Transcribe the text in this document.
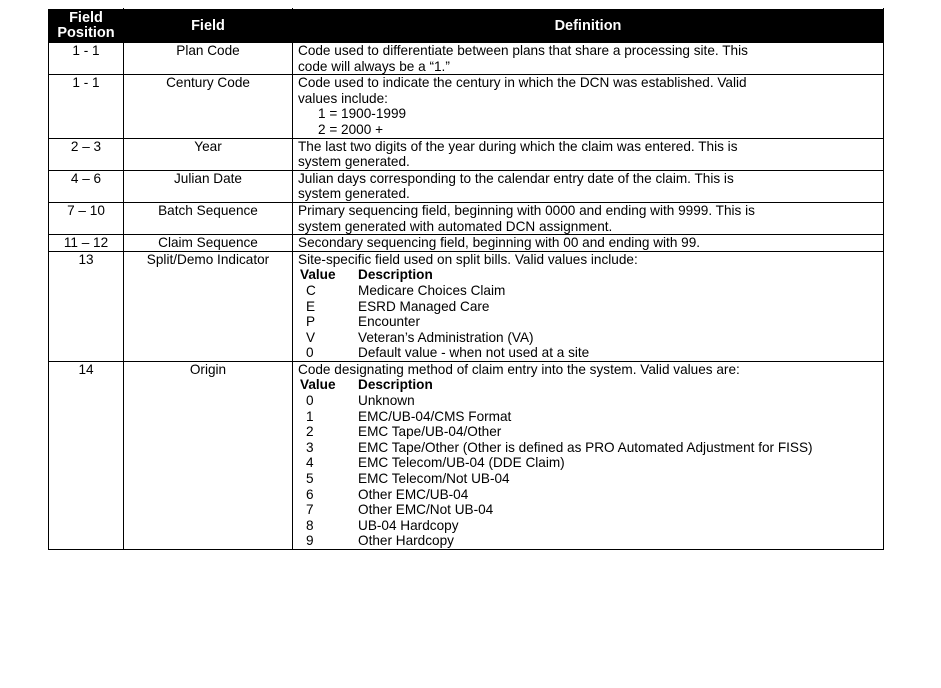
Field Position	Field	Definition
1 - 1	Plan Code	Code used to differentiate between plans that share a processing site. This
code will always be a “1.”

1 - 1	Century Code	Code used to indicate the century in which the DCN was established. Valid
values include:
1 = 1900-1999
2 = 2000 +

2 – 3	Year	The last two digits of the year during which the claim was entered. This is
system generated.

4 – 6	Julian Date	Julian days corresponding to the calendar entry date of the claim. This is
system generated.

7 – 10	Batch Sequence	Primary sequencing field, beginning with 0000 and ending with 9999. This is
system generated with automated DCN assignment.

11 – 12	Claim Sequence	Secondary sequencing field, beginning with 00 and ending with 99.

13	Split/Demo Indicator	Site-specific field used on split bills. Valid values include:
Value	Description
C	Medicare Choices Claim
E	ESRD Managed Care
P	Encounter
V	Veteran’s Administration (VA)
0	Default value - when not used at a site

14	Origin	Code designating method of claim entry into the system. Valid values are:
Value	Description
0	Unknown
1	EMC/UB-04/CMS Format
2	EMC Tape/UB-04/Other
3	EMC Tape/Other (Other is defined as PRO Automated Adjustment for FISS)
4	EMC Telecom/UB-04 (DDE Claim)
5	EMC Telecom/Not UB-04
6	Other EMC/UB-04
7	Other EMC/Not UB-04
8	UB-04 Hardcopy
9	Other Hardcopy
